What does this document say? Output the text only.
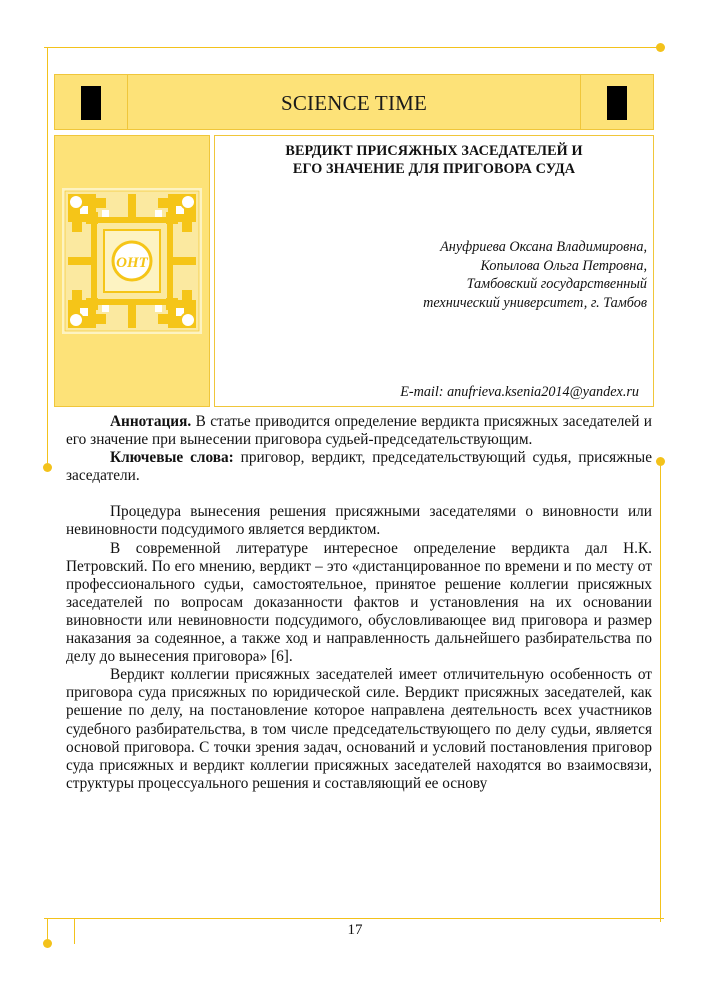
SCIENCE TIME
ОНТ
ВЕРДИКТ ПРИСЯЖНЫХ ЗАСЕДАТЕЛЕЙ И
ЕГО ЗНАЧЕНИЕ ДЛЯ ПРИГОВОРА СУДА
Ануфриева Оксана Владимировна,
Копылова Ольга Петровна,
Тамбовский государственный
технический университет, г. Тамбов
E-mail: anufrieva.ksenia2014@yandex.ru

Аннотация. В статье приводится определение вердикта присяжных заседателей и его значение при вынесении приговора судьей-председательствующим.

Ключевые слова: приговор, вердикт, председательствующий судья, присяжные заседатели.

Процедура вынесения решения присяжными заседателями о виновности или невиновности подсудимого является вердиктом.

В современной литературе интересное определение вердикта дал Н.К. Петровский. По его мнению, вердикт – это «дистанцированное по времени и по месту от профессионального судьи, самостоятельное, принятое решение коллегии присяжных заседателей по вопросам доказанности фактов и установления на их основании виновности или невиновности подсудимого, обусловливающее вид приговора и размер наказания за содеянное, а также ход и направленность дальнейшего разбирательства по делу до вынесения приговора» [6].

Вердикт коллегии присяжных заседателей имеет отличительную особенность от приговора суда присяжных по юридической силе. Вердикт присяжных заседателей, как решение по делу, на постановление которое направлена деятельность всех участников судебного разбирательства, в том числе председательствующего по делу судьи, является основой приговора. С точки зрения задач, оснований и условий постановления приговор суда присяжных и вердикт коллегии присяжных заседателей находятся во взаимосвязи, структуры процессуального решения и составляющий ее основу

17
